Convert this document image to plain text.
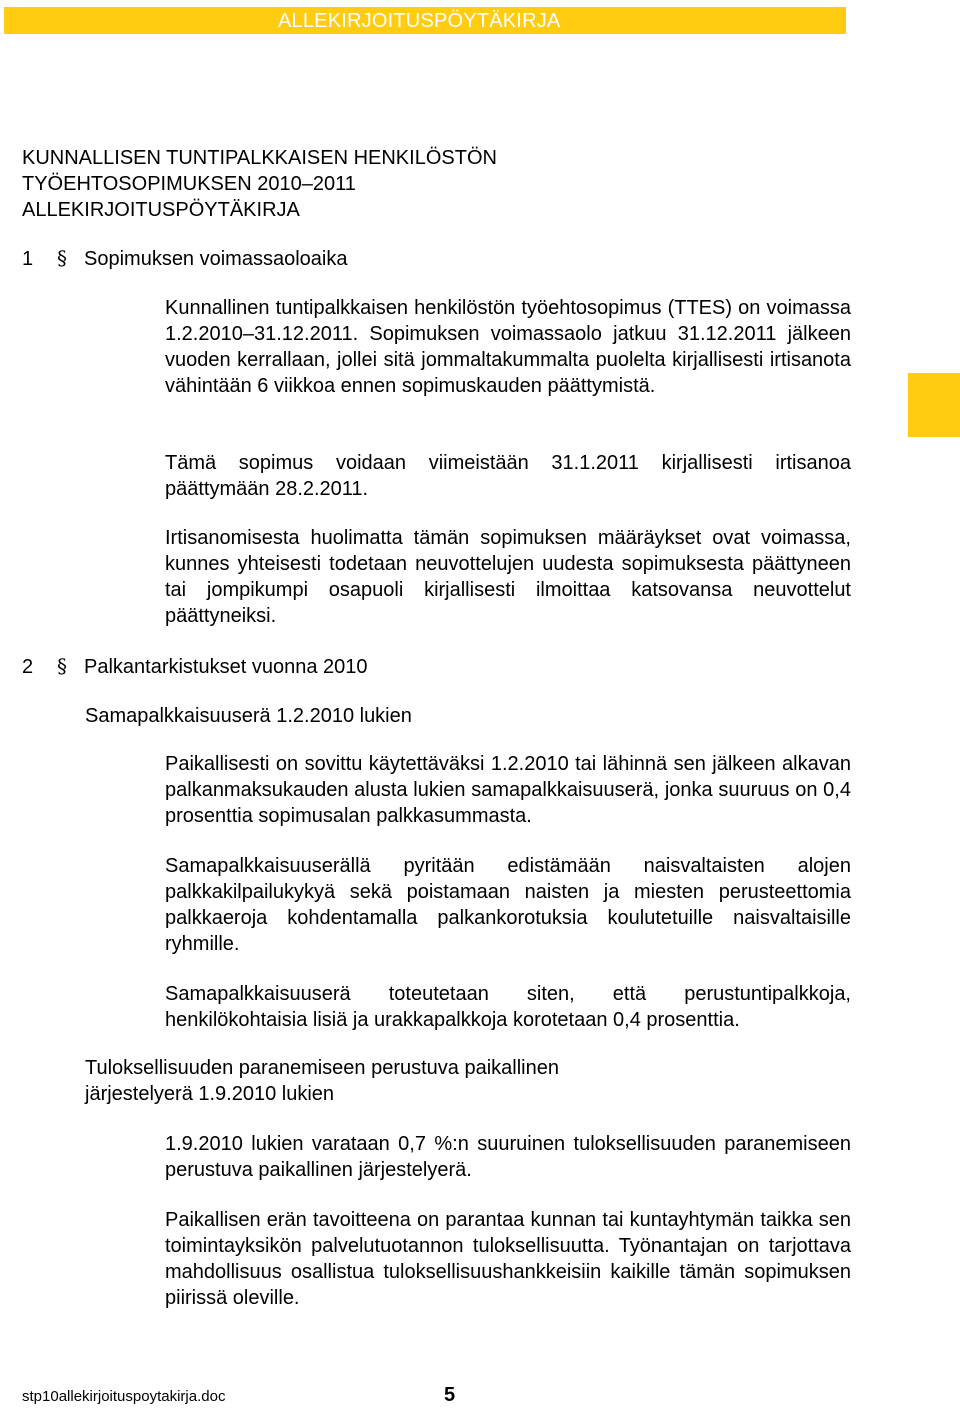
ALLEKIRJOITUSPÖYTÄKIRJA
KUNNALLISEN TUNTIPALKKAISEN HENKILÖSTÖN
TYÖEHTOSOPIMUKSEN 2010–2011
ALLEKIRJOITUSPÖYTÄKIRJA
1 § Sopimuksen voimassaoloaika

Kunnallinen tuntipalkkaisen henkilöstön työehtosopimus (TTES) on voimassa 1.2.2010–31.12.2011. Sopimuksen voimassaolo jatkuu 31.12.2011 jälkeen vuoden kerrallaan, jollei sitä jommaltakummalta puolelta kirjallisesti irtisanota vähintään 6 viikkoa ennen sopimuskauden päättymistä.

Tämä sopimus voidaan viimeistään 31.1.2011 kirjallisesti irtisanoa päättymään 28.2.2011.

Irtisanomisesta huolimatta tämän sopimuksen määräykset ovat voimassa, kunnes yhteisesti todetaan neuvottelujen uudesta sopimuksesta päättyneen tai jompikumpi osapuoli kirjallisesti ilmoittaa katsovansa neuvottelut päättyneiksi.

2 § Palkantarkistukset vuonna 2010
Samapalkkaisuuserä 1.2.2010 lukien

Paikallisesti on sovittu käytettäväksi 1.2.2010 tai lähinnä sen jälkeen alkavan palkanmaksukauden alusta lukien samapalkkaisuuserä, jonka suuruus on 0,4 prosenttia sopimusalan palkkasummasta.

Samapalkkaisuuserällä pyritään edistämään naisvaltaisten alojen palkkakilpailukykyä sekä poistamaan naisten ja miesten perusteettomia palkkaeroja kohdentamalla palkankorotuksia koulutetuille naisvaltaisille ryhmille.

Samapalkkaisuuserä toteutetaan siten, että perustuntipalkkoja, henkilökohtaisia lisiä ja urakkapalkkoja korotetaan 0,4 prosenttia.

Tuloksellisuuden paranemiseen perustuva paikallinen
järjestelyerä 1.9.2010 lukien

1.9.2010 lukien varataan 0,7 %:n suuruinen tuloksellisuuden paranemiseen perustuva paikallinen järjestelyerä.

Paikallisen erän tavoitteena on parantaa kunnan tai kuntayhtymän taikka sen toimintayksikön palvelutuotannon tuloksellisuutta. Työnantajan on tarjottava mahdollisuus osallistua tuloksellisuushankkeisiin kaikille tämän sopimuksen piirissä oleville.

stp10allekirjoituspoytakirja.doc	5
